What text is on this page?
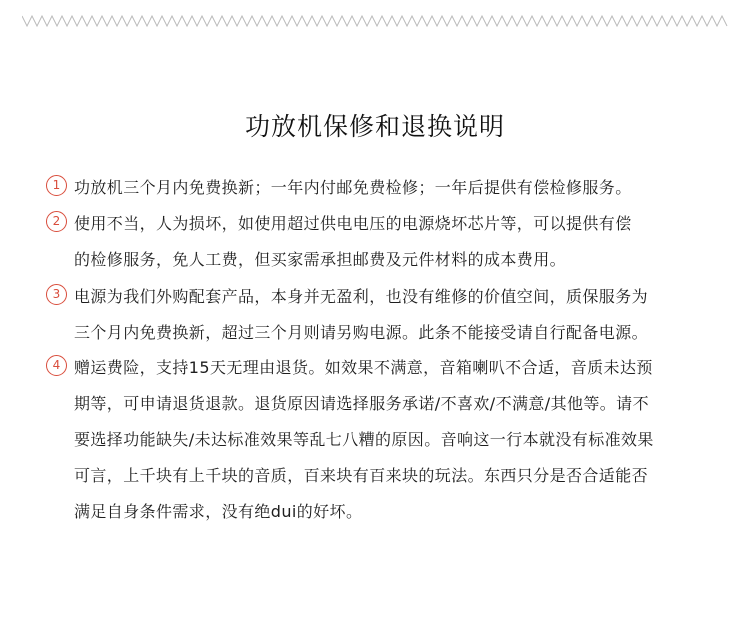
功放机保修和退换说明
1 功放机三个月内免费换新；一年内付邮免费检修；一年后提供有偿检修服务。
2 使用不当，人为损坏，如使用超过供电电压的电源烧坏芯片等，可以提供有偿
的检修服务，免人工费，但买家需承担邮费及元件材料的成本费用。
3 电源为我们外购配套产品，本身并无盈利，也没有维修的价值空间，质保服务为
三个月内免费换新，超过三个月则请另购电源。此条不能接受请自行配备电源。
4 赠运费险，支持15天无理由退货。如效果不满意，音箱喇叭不合适，音质未达预
期等，可申请退货退款。退货原因请选择服务承诺/不喜欢/不满意/其他等。请不
要选择功能缺失/未达标准效果等乱七八糟的原因。音响这一行本就没有标准效果
可言，上千块有上千块的音质，百来块有百来块的玩法。东西只分是否合适能否
满足自身条件需求，没有绝dui的好坏。
